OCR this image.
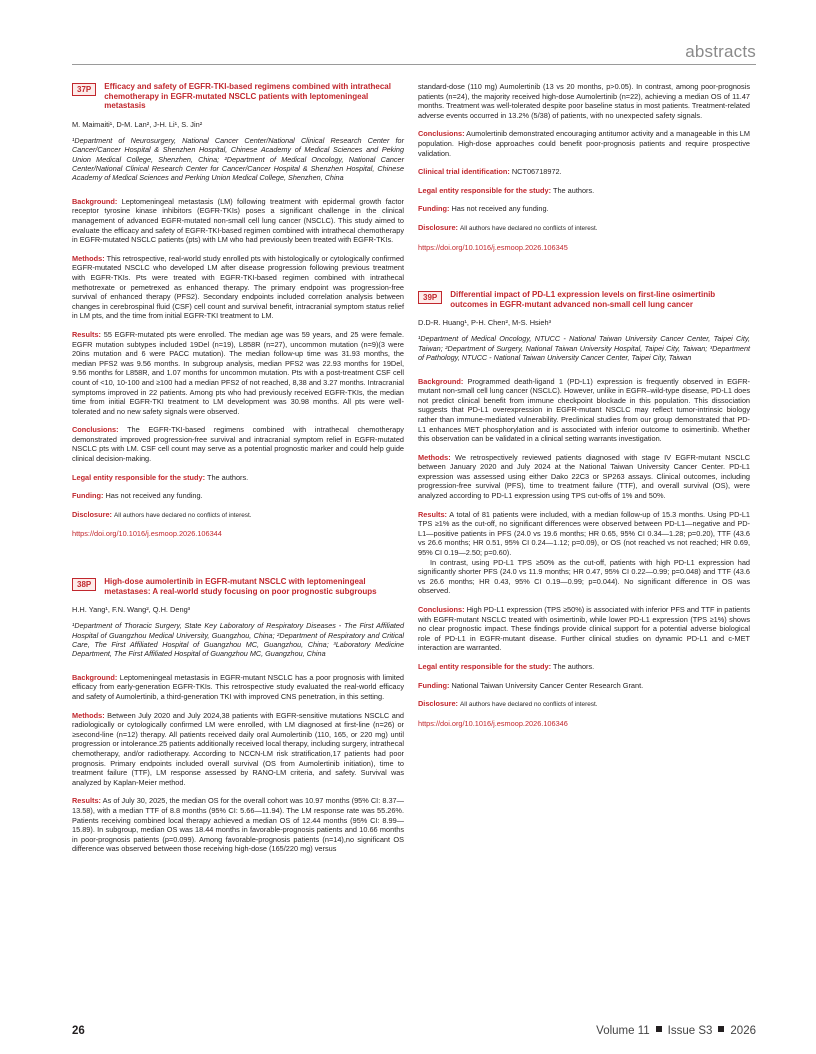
abstracts
37P	Efficacy and safety of EGFR-TKI-based regimens combined with intrathecal chemotherapy in EGFR-mutated NSCLC patients with leptomeningeal metastasis

M. Maimaiti¹, D-M. Lan², J-H. Li¹, S. Jin²

¹Department of Neurosurgery, National Cancer Center/National Clinical Research Center for Cancer/Cancer Hospital & Shenzhen Hospital, Chinese Academy of Medical Sciences and Peking Union Medical College, Shenzhen, China; ²Department of Medical Oncology, National Cancer Center/National Clinical Research Center for Cancer/Cancer Hospital & Shenzhen Hospital, Chinese Academy of Medical Sciences and Perking Union Medical College, Shenzhen, China

Background: Leptomeningeal metastasis (LM) following treatment with epidermal growth factor receptor tyrosine kinase inhibitors (EGFR-TKIs) poses a significant challenge in the clinical management of advanced EGFR-mutated non-small cell lung cancer (NSCLC). This study aimed to evaluate the efficacy and safety of EGFR-TKI-based regimen combined with intrathecal chemotherapy in EGFR-mutated NSCLC patients (pts) with LM who had previously been treated with EGFR-TKIs.

Methods: This retrospective, real-world study enrolled pts with histologically or cytologically confirmed EGFR-mutated NSCLC who developed LM after disease progression following previous treatment with EGFR-TKIs. Pts were treated with EGFR-TKI-based regimen combined with intrathecal methotrexate or pemetrexed as enhanced therapy. The primary endpoint was progression-free survival of enhanced therapy (PFS2). Secondary endpoints included correlation analysis between changes in cerebrospinal fluid (CSF) cell count and survival benefit, intracranial symptom status relief in LM pts, and the time from initial EGFR-TKI treatment to LM.

Results: 55 EGFR-mutated pts were enrolled. The median age was 59 years, and 25 were female. EGFR mutation subtypes included 19Del (n=19), L858R (n=27), uncommon mutation (n=9)(3 were 20ins mutation and 6 were PACC mutation). The median follow-up time was 31.93 months, the median PFS2 was 9.56 months. In subgroup analysis, median PFS2 was 22.93 months for 19Del, 9.56 months for L858R, and 1.07 months for uncommon mutation. Pts with a post-treatment CSF cell count of <10, 10-100 and ≥100 had a median PFS2 of not reached, 8,38 and 3.27 months. Intracranial symptoms improved in 22 patients. Among pts who had previously received EGFR-TKIs, the median time from initial EGFR-TKI treatment to LM development was 30.98 months. All pts were well-tolerated and no new safety signals were observed.

Conclusions: The EGFR-TKI-based regimens combined with intrathecal chemotherapy demonstrated improved progression-free survival and intracranial symptom relief in EGFR-mutated NSCLC pts with LM. CSF cell count may serve as a potential prognostic marker and could help guide clinical decision-making.

Legal entity responsible for the study: The authors.

Funding: Has not received any funding.

Disclosure: All authors have declared no conflicts of interest.

https://doi.org/10.1016/j.esmoop.2026.106344

38P	High-dose aumolertinib in EGFR-mutant NSCLC with leptomeningeal metastases: A real-world study focusing on poor prognostic subgroups

H.H. Yang¹, F.N. Wang², Q.H. Deng³

¹Department of Thoracic Surgery, State Key Laboratory of Respiratory Diseases - The First Affiliated Hospital of Guangzhou Medical University, Guangzhou, China; ²Department of Respiratory and Critical Care, The First Affiliated Hospital of Guangzhou MC, Guangzhou, China; ³Laboratory Medicine Department, The First Affiliated Hospital of Guangzhou MC, Guangzhou, China

Background: Leptomeningeal metastasis in EGFR-mutant NSCLC has a poor prognosis with limited efficacy from early-generation EGFR-TKIs. This retrospective study evaluated the real-world efficacy and safety of Aumolertinib, a third-generation TKI with improved CNS penetration, in this setting.

Methods: Between July 2020 and July 2024,38 patients with EGFR-sensitive mutations NSCLC and radiologically or cytologically confirmed LM were enrolled, with LM diagnosed at first-line (n=26) or ≥second-line (n=12) therapy. All patients received daily oral Aumolertinib (110, 165, or 220 mg) until progression or intolerance.25 patients additionally received local therapy, including surgery, intrathecal chemotherapy, and/or radiotherapy. According to NCCN-LM risk stratification,17 patients had poor prognosis. Primary endpoints included overall survival (OS from Aumolertinib initiation), time to treatment failure (TTF), LM response assessed by RANO-LM criteria, and safety. Survival was analyzed by Kaplan-Meier method.

Results: As of July 30, 2025, the median OS for the overall cohort was 10.97 months (95% CI: 8.37—13.58), with a median TTF of 8.8 months (95% CI: 5.66—11.94). The LM response rate was 55.26%. Patients receiving combined local therapy achieved a median OS of 12.44 months (95% CI: 8.99—15.89). In subgroup, median OS was 18.44 months in favorable-prognosis patients and 10.66 months in poor-prognosis patients (p=0.099). Among favorable-prognosis patients (n=14),no significant OS difference was observed between those receiving high-dose (165/220 mg) versus

standard-dose (110 mg) Aumolertinib (13 vs 20 months, p>0.05). In contrast, among poor-prognosis patients (n=24), the majority received high-dose Aumolertinib (n=22), achieving a median OS of 11.47 months. Treatment was well-tolerated despite poor baseline status in most patients. Treatment-related adverse events occurred in 13.2% (5/38) of patients, with no unexpected safety signals.

Conclusions: Aumolertinib demonstrated encouraging antitumor activity and a manageable in this LM population. High-dose approaches could benefit poor-prognosis patients and require prospective validation.

Clinical trial identification: NCT06718972.

Legal entity responsible for the study: The authors.

Funding: Has not received any funding.

Disclosure: All authors have declared no conflicts of interest.

https://doi.org/10.1016/j.esmoop.2026.106345

39P	Differential impact of PD-L1 expression levels on first-line osimertinib outcomes in EGFR-mutant advanced non-small cell lung cancer

D.D-R. Huang¹, P-H. Chen², M-S. Hsieh³

¹Department of Medical Oncology, NTUCC - National Taiwan University Cancer Center, Taipei City, Taiwan; ²Department of Surgery, National Taiwan University Hospital, Taipei City, Taiwan; ³Department of Pathology, NTUCC - National Taiwan University Cancer Center, Taipei City, Taiwan

Background: Programmed death-ligand 1 (PD-L1) expression is frequently observed in EGFR-mutant non-small cell lung cancer (NSCLC). However, unlike in EGFR–wild-type disease, PD-L1 does not predict clinical benefit from immune checkpoint blockade in this population. This dissociation suggests that PD-L1 overexpression in EGFR-mutant NSCLC may reflect tumor-intrinsic biology rather than immune-mediated vulnerability. Preclinical studies from our group demonstrated that PD-L1 enhances MET phosphorylation and is associated with inferior outcome to osimertinib. Whether this observation can be validated in a clinical setting warrants investigation.

Methods: We retrospectively reviewed patients diagnosed with stage IV EGFR-mutant NSCLC between January 2020 and July 2024 at the National Taiwan University Cancer Center. PD-L1 expression was assessed using either Dako 22C3 or SP263 assays. Clinical outcomes, including progression-free survival (PFS), time to treatment failure (TTF), and overall survival (OS), were analyzed according to PD-L1 expression using TPS cut-offs of 1% and 50%.

Results: A total of 81 patients were included, with a median follow-up of 15.3 months. Using PD-L1 TPS ≥1% as the cut-off, no significant differences were observed between PD-L1—negative and PD-L1—positive patients in PFS (24.0 vs 19.6 months; HR 0.65, 95% CI 0.34—1.28; p=0.20), TTF (43.6 vs 26.6 months; HR 0.51, 95% CI 0.24—1.12; p=0.09), or OS (not reached vs not reached; HR 0.69, 95% CI 0.19—2.50; p=0.60).

In contrast, using PD-L1 TPS ≥50% as the cut-off, patients with high PD-L1 expression had significantly shorter PFS (24.0 vs 11.9 months; HR 0.47, 95% CI 0.22—0.99; p=0.048) and TTF (43.6 vs 26.6 months; HR 0.43, 95% CI 0.19—0.99; p=0.044). No significant difference in OS was observed.

Conclusions: High PD-L1 expression (TPS ≥50%) is associated with inferior PFS and TTF in patients with EGFR-mutant NSCLC treated with osimertinib, while lower PD-L1 expression (TPS ≥1%) shows no clear prognostic impact. These findings provide clinical support for a potential adverse biological role of PD-L1 in EGFR-mutant disease. Further clinical studies on dynamic PD-L1 and c-MET interaction are warranted.

Legal entity responsible for the study: The authors.

Funding: National Taiwan University Cancer Center Research Grant.

Disclosure: All authors have declared no conflicts of interest.

https://doi.org/10.1016/j.esmoop.2026.106346

26	Volume 11 Issue S3 2026
